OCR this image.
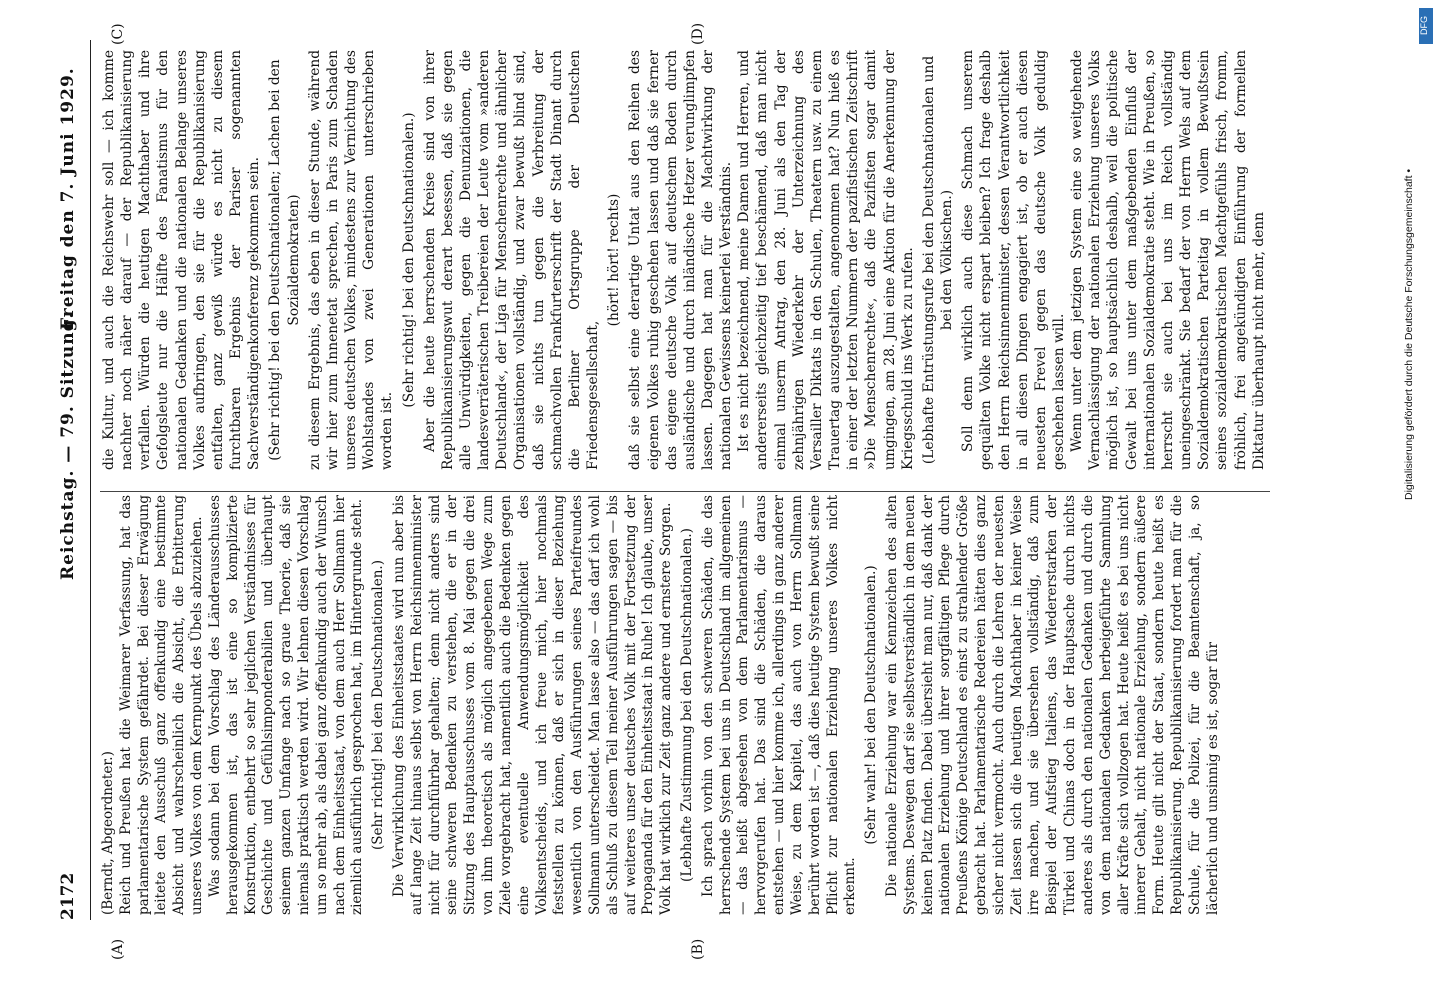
2172
Reichstag. — 79. Sitzung.
Freitag den 7. Juni 1929.
(A)	(B)
(C)	(D)

(Berndt, Abgeordneter.) Reich und Preußen hat die Weimarer Verfassung, hat das parlamentarische System gefährdet. Bei dieser Erwägung leitete den Ausschuß ganz offenkundig eine bestimmte Absicht und wahrscheinlich die Absicht, die Erbitterung unseres Volkes von dem Kernpunkt des Übels abzuziehen. Was sodann bei dem Vorschlag des Länderausschusses herausgekommen ist, das ist eine so komplizierte Konstruktion, entbehrt so sehr jeglichen Verständnisses für Geschichte und Gefühlsimponderabilien und überhaupt seinem ganzen Umfange nach so graue Theorie, daß sie niemals praktisch werden wird. Wir lehnen diesen Vorschlag um so mehr ab, als dabei ganz offenkundig auch der Wunsch nach dem Einheitsstaat, von dem auch Herr Sollmann hier ziemlich ausführlich gesprochen hat, im Hintergrunde steht. (Sehr richtig! bei den Deutschnationalen.) Die Verwirklichung des Einheitsstaates wird nun aber bis auf lange Zeit hinaus selbst von Herrn Reichsinnenminister nicht für durchführbar gehalten; denn nicht anders sind seine schweren Bedenken zu verstehen, die er in der Sitzung des Hauptausschusses vom 8. Mai gegen die drei von ihm theoretisch als möglich angegebenen Wege zum Ziele vorgebracht hat, namentlich auch die Bedenken gegen eine eventuelle Anwendungsmöglichkeit des Volksentscheids, und ich freue mich, hier nochmals feststellen zu können, daß er sich in dieser Beziehung wesentlich von den Ausführungen seines Parteifreundes Sollmann unterscheidet. Man lasse also — das darf ich wohl als Schluß zu diesem Teil meiner Ausführungen sagen — bis auf weiteres unser deutsches Volk mit der Fortsetzung der Propaganda für den Einheitsstaat in Ruhe! Ich glaube, unser Volk hat wirklich zur Zeit ganz andere und ernstere Sorgen. (Lebhafte Zustimmung bei den Deutschnationalen.) Ich sprach vorhin von den schweren Schäden, die das herrschende System bei uns in Deutschland im allgemeinen — das heißt abgesehen von dem Parlamentarismus — hervorgerufen hat. Das sind die Schäden, die daraus entstehen — und hier komme ich, allerdings in ganz anderer Weise, zu dem Kapitel, das auch von Herrn Sollmann berührt worden ist —, daß dies heutige System bewußt seine Pflicht zur nationalen Erziehung unseres Volkes nicht erkennt.

(Sehr wahr! bei den Deutschnationalen.) Die nationale Erziehung war ein Kennzeichen des alten Systems. Deswegen darf sie selbstverständlich in dem neuen keinen Platz finden. Dabei übersieht man nur, daß dank der nationalen Erziehung und ihrer sorgfältigen Pflege durch Preußens Könige Deutschland es einst zu strahlender Größe gebracht hat. Parlamentarische Redereien hätten dies ganz sicher nicht vermocht. Auch durch die Lehren der neuesten Zeit lassen sich die heutigen Machthaber in keiner Weise irre machen, und sie übersehen vollständig, daß zum Beispiel der Aufstieg Italiens, das Wiedererstarken der Türkei und Chinas doch in der Hauptsache durch nichts anderes als durch den nationalen Gedanken und durch die von dem nationalen Gedanken herbeigeführte Sammlung aller Kräfte sich vollzogen hat. Heute heißt es bei uns nicht innerer Gehalt, nicht nationale Erziehung, sondern äußere Form. Heute gilt nicht der Staat, sondern heute heißt es Republikanisierung. Republikanisierung fordert man für die Schule, für die Polizei, für die Beamtenschaft, ja, so lächerlich und unsinnig es ist, sogar für

die Kultur, und auch die Reichswehr soll — ich komme nachher noch näher darauf — der Republikanisierung verfallen. Würden die heutigen Machthaber und ihre Gefolgsleute nur die Hälfte des Fanatismus für den nationalen Gedanken und die nationalen Belange unseres Volkes aufbringen, den sie für die Republikanisierung entfalten, ganz gewiß würde es nicht zu diesem furchtbaren Ergebnis der Pariser sogenannten Sachverständigenkonferenz gekommen sein. (Sehr richtig! bei den Deutschnationalen; Lachen bei den Sozialdemokraten) zu diesem Ergebnis, das eben in dieser Stunde, während wir hier zum Innenetat sprechen, in Paris zum Schaden unseres deutschen Volkes, mindestens zur Vernichtung des Wohlstandes von zwei Generationen unterschrieben worden ist.

(Sehr richtig! bei den Deutschnationalen.) Aber die heute herrschenden Kreise sind von ihrer Republikanisierungswut derart besessen, daß sie gegen alle Unwürdigkeiten, gegen die Denunziationen, die landesverräterischen Treibereien der Leute vom »anderen Deutschland«, der Liga für Menschenrechte und ähnlicher Organisationen vollständig, und zwar bewußt blind sind, daß sie nichts tun gegen die Verbreitung der schmachvollen Frankfurterschrift der Stadt Dinant durch die Berliner Ortsgruppe der Deutschen Friedensgesellschaft,

(hört! hört! rechts) daß sie selbst eine derartige Untat aus den Reihen des eigenen Volkes ruhig geschehen lassen und daß sie ferner das eigene deutsche Volk auf deutschem Boden durch ausländische und durch inländische Hetzer verunglimpfen lassen. Dagegen hat man für die Machtwirkung der nationalen Gewissens keinerlei Verständnis. Ist es nicht bezeichnend, meine Damen und Herren, und andererseits gleichzeitig tief beschämend, daß man nicht einmal unserm Antrag, den 28. Juni als den Tag der zehnjährigen Wiederkehr der Unterzeichnung des Versailler Diktats in den Schulen, Theatern usw. zu einem Trauertag auszugestalten, angenommen hat? Nun hieß es in einer der letzten Nummern der pazifistischen Zeitschrift »Die Menschenrechte«, daß die Pazifisten sogar damit umgingen, am 28. Juni eine Aktion für die Anerkennung der Kriegsschuld ins Werk zu rufen. (Lebhafte Entrüstungsrufe bei den Deutschnationalen und bei den Völkischen.) Soll denn wirklich auch diese Schmach unserem gequälten Volke nicht erspart bleiben? Ich frage deshalb den Herrn Reichsinnenminister, dessen Verantwortlichkeit in all diesen Dingen engagiert ist, ob er auch diesen neuesten Frevel gegen das deutsche Volk geduldig geschehen lassen will. Wenn unter dem jetzigen System eine so weitgehende Vernachlässigung der nationalen Erziehung unseres Volks möglich ist, so hauptsächlich deshalb, weil die politische Gewalt bei uns unter dem maßgebenden Einfluß der internationalen Sozialdemokratie steht. Wie in Preußen, so herrscht sie auch bei uns im Reich vollständig uneingeschränkt. Sie bedarf der von Herrn Wels auf dem Sozialdemokratischen Parteitag in vollem Bewußtsein seines sozialdemokratischen Machtgefühls frisch, fromm, fröhlich, frei angekündigten Einführung der formellen Diktatur überhaupt nicht mehr, denn

DFG
Digitalisierung gefördert durch die Deutsche Forschungsgemeinschaft •
